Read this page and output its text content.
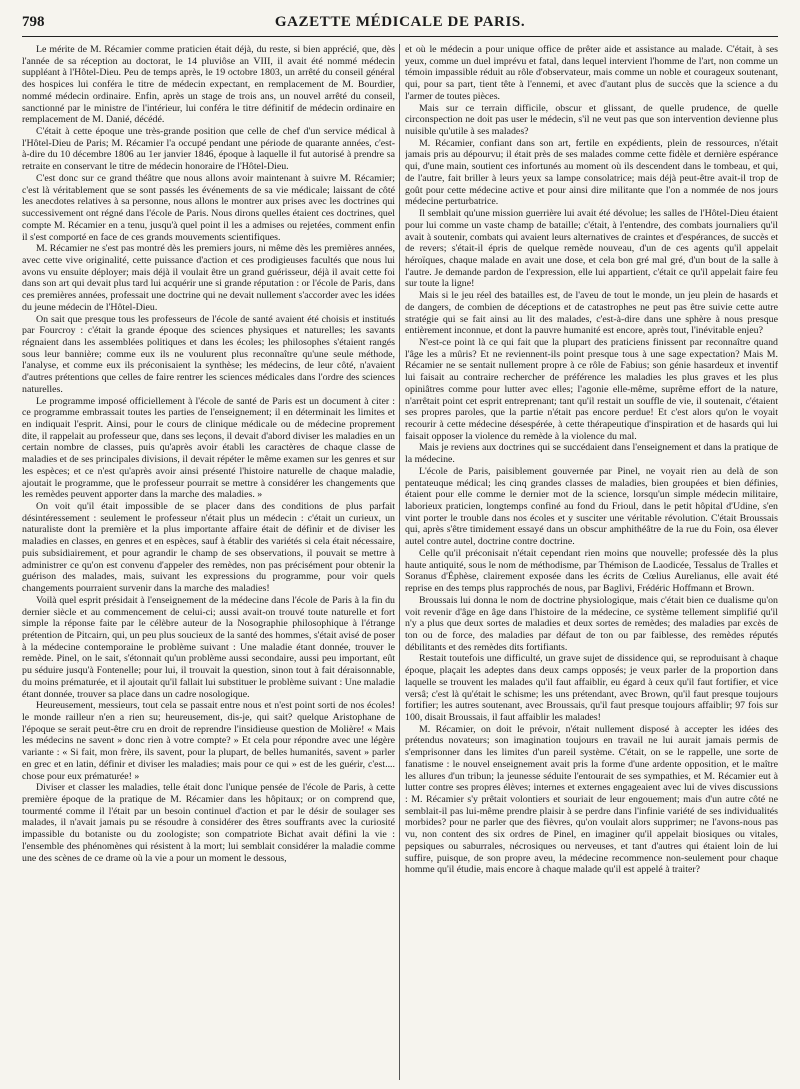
798	GAZETTE MÉDICALE DE PARIS.

Le mérite de M. Récamier comme praticien était déjà, du reste, si bien apprécié, que, dès l'année de sa réception au doctorat, le 14 pluviôse an VIII, il avait été nommé médecin suppléant à l'Hôtel-Dieu. Peu de temps après, le 19 octobre 1803, un arrêté du conseil général des hospices lui conféra le titre de médecin expectant, en remplacement de M. Bourdier, nommé médecin ordinaire. Enfin, après un stage de trois ans, un nouvel arrêté du conseil, sanctionné par le ministre de l'intérieur, lui conféra le titre définitif de médecin ordinaire en remplacement de M. Danié, décédé.

C'était à cette époque une très-grande position que celle de chef d'un service médical à l'Hôtel-Dieu de Paris; M. Récamier l'a occupé pendant une période de quarante années, c'est-à-dire du 10 décembre 1806 au 1er janvier 1846, époque à laquelle il fut autorisé à prendre sa retraite en conservant le titre de médecin honoraire de l'Hôtel-Dieu.

C'est donc sur ce grand théâtre que nous allons avoir maintenant à suivre M. Récamier; c'est là véritablement que se sont passés les événements de sa vie médicale; laissant de côté les anecdotes relatives à sa personne, nous allons le montrer aux prises avec les doctrines qui successivement ont régné dans l'école de Paris. Nous dirons quelles étaient ces doctrines, quel compte M. Récamier en a tenu, jusqu'à quel point il les a admises ou rejetées, comment enfin il s'est comporté en face de ces grands mouvements scientifiques.

M. Récamier ne s'est pas montré dès les premiers jours, ni même dès les premières années, avec cette vive originalité, cette puissance d'action et ces prodigieuses facultés que nous lui avons vu ensuite déployer; mais déjà il voulait être un grand guérisseur, déjà il avait cette foi dans son art qui devait plus tard lui acquérir une si grande réputation : or l'école de Paris, dans ces premières années, professait une doctrine qui ne devait nullement s'accorder avec les idées du jeune médecin de l'Hôtel-Dieu.

On sait que presque tous les professeurs de l'école de santé avaient été choisis et institués par Fourcroy : c'était la grande époque des sciences physiques et naturelles; les savants régnaient dans les assemblées politiques et dans les écoles; les philosophes s'étaient rangés sous leur bannière; comme eux ils ne voulurent plus reconnaître qu'une seule méthode, l'analyse, et comme eux ils préconisaient la synthèse; les médecins, de leur côté, n'avaient d'autres prétentions que celles de faire rentrer les sciences médicales dans l'ordre des sciences naturelles.

Le programme imposé officiellement à l'école de santé de Paris est un document à citer : ce programme embrassait toutes les parties de l'enseignement; il en déterminait les limites et en indiquait l'esprit. Ainsi, pour le cours de clinique médicale ou de médecine proprement dite, il rappelait au professeur que, dans ses leçons, il devait d'abord diviser les maladies en un certain nombre de classes, puis qu'après avoir établi les caractères de chaque classe de maladies et de ses principales divisions, il devait répéter le même examen sur les genres et sur les espèces; et ce n'est qu'après avoir ainsi présenté l'histoire naturelle de chaque maladie, ajoutait le programme, que le professeur pourrait se mettre à considérer les changements que les remèdes peuvent apporter dans la marche des maladies. »

On voit qu'il était impossible de se placer dans des conditions de plus parfait désintéressement : seulement le professeur n'était plus un médecin : c'était un curieux, un naturaliste dont la première et la plus importante affaire était de définir et de diviser les maladies en classes, en genres et en espèces, sauf à établir des variétés si cela était nécessaire, puis subsidiairement, et pour agrandir le champ de ses observations, il pouvait se mettre à administrer ce qu'on est convenu d'appeler des remèdes, non pas précisément pour obtenir la guérison des malades, mais, suivant les expressions du programme, pour voir quels changements pourraient survenir dans la marche des maladies!

Voilà quel esprit présidait à l'enseignement de la médecine dans l'école de Paris à la fin du dernier siècle et au commencement de celui-ci; aussi avait-on trouvé toute naturelle et fort simple la réponse faite par le célèbre auteur de la Nosographie philosophique à l'étrange prétention de Pitcairn, qui, un peu plus soucieux de la santé des hommes, s'était avisé de poser à la médecine contemporaine le problème suivant : Une maladie étant donnée, trouver le remède. Pinel, on le sait, s'étonnait qu'un problème aussi secondaire, aussi peu important, eût pu séduire jusqu'à Fontenelle; pour lui, il trouvait la question, sinon tout à fait déraisonnable, du moins prématurée, et il ajoutait qu'il fallait lui substituer le problème suivant : Une maladie étant donnée, trouver sa place dans un cadre nosologique.

Heureusement, messieurs, tout cela se passait entre nous et n'est point sorti de nos écoles! le monde railleur n'en a rien su; heureusement, dis-je, qui sait? quelque Aristophane de l'époque se serait peut-être cru en droit de reprendre l'insidieuse question de Molière! « Mais les médecins ne savent » donc rien à votre compte? » Et cela pour répondre avec une légère variante : « Si fait, mon frère, ils savent, pour la plupart, de belles humanités, savent » parler en grec et en latin, définir et diviser les maladies; mais pour ce qui » est de les guérir, c'est.... chose pour eux prématurée! »

Diviser et classer les maladies, telle était donc l'unique pensée de l'école de Paris, à cette première époque de la pratique de M. Récamier dans les hôpitaux; or on comprend que, tourmenté comme il l'était par un besoin continuel d'action et par le désir de soulager ses malades, il n'avait jamais pu se résoudre à considérer des êtres souffrants avec la curiosité impassible du botaniste ou du zoologiste; son compatriote Bichat avait défini la vie : l'ensemble des phénomènes qui résistent à la mort; lui semblait considérer la maladie comme une des scènes de ce drame où la vie a pour un moment le dessous,

et où le médecin a pour unique office de prêter aide et assistance au malade. C'était, à ses yeux, comme un duel imprévu et fatal, dans lequel intervient l'homme de l'art, non comme un témoin impassible réduit au rôle d'observateur, mais comme un noble et courageux soutenant, qui, pour sa part, tient tête à l'ennemi, et avec d'autant plus de succès que la science a du l'armer de toutes pièces.

Mais sur ce terrain difficile, obscur et glissant, de quelle prudence, de quelle circonspection ne doit pas user le médecin, s'il ne veut pas que son intervention devienne plus nuisible qu'utile à ses malades?

M. Récamier, confiant dans son art, fertile en expédients, plein de ressources, n'était jamais pris au dépourvu; il était près de ses malades comme cette fidèle et dernière espérance qui, d'une main, soutient ces infortunés au moment où ils descendent dans le tombeau, et qui, de l'autre, fait briller à leurs yeux sa lampe consolatrice; mais déjà peut-être avait-il trop de goût pour cette médecine active et pour ainsi dire militante que l'on a nommée de nos jours médecine perturbatrice.

Il semblait qu'une mission guerrière lui avait été dévolue; les salles de l'Hôtel-Dieu étaient pour lui comme un vaste champ de bataille; c'était, à l'entendre, des combats journaliers qu'il avait à soutenir, combats qui avaient leurs alternatives de craintes et d'espérances, de succès et de revers; s'était-il épris de quelque remède nouveau, d'un de ces agents qu'il appelait héroïques, chaque malade en avait une dose, et cela bon gré mal gré, d'un bout de la salle à l'autre. Je demande pardon de l'expression, elle lui appartient, c'était ce qu'il appelait faire feu sur toute la ligne!

Mais si le jeu réel des batailles est, de l'aveu de tout le monde, un jeu plein de hasards et de dangers, de combien de déceptions et de catastrophes ne peut pas être suivie cette autre stratégie qui se fait ainsi au lit des malades, c'est-à-dire dans une sphère à nous presque entièrement inconnue, et dont la pauvre humanité est encore, après tout, l'inévitable enjeu?

N'est-ce point là ce qui fait que la plupart des praticiens finissent par reconnaître quand l'âge les a mûris? Et ne reviennent-ils point presque tous à une sage expectation? Mais M. Récamier ne se sentait nullement propre à ce rôle de Fabius; son génie hasardeux et inventif lui faisait au contraire rechercher de préférence les maladies les plus graves et les plus opiniâtres comme pour lutter avec elles; l'agonie elle-même, suprême effort de la nature, n'arrêtait point cet esprit entreprenant; tant qu'il restait un souffle de vie, il soutenait, c'étaient ses propres paroles, que la partie n'était pas encore perdue! Et c'est alors qu'on le voyait recourir à cette médecine désespérée, à cette thérapeutique d'inspiration et de hasards qui lui faisait opposer la violence du remède à la violence du mal.

Mais je reviens aux doctrines qui se succédaient dans l'enseignement et dans la pratique de la médecine.

L'école de Paris, paisiblement gouvernée par Pinel, ne voyait rien au delà de son pentateuque médical; les cinq grandes classes de maladies, bien groupées et bien définies, étaient pour elle comme le dernier mot de la science, lorsqu'un simple médecin militaire, laborieux praticien, longtemps confiné au fond du Frioul, dans le petit hôpital d'Udine, s'en vint porter le trouble dans nos écoles et y susciter une véritable révolution. C'était Broussais qui, après s'être timidement essayé dans un obscur amphithéâtre de la rue du Foin, osa élever autel contre autel, doctrine contre doctrine.

Celle qu'il préconisait n'était cependant rien moins que nouvelle; professée dès la plus haute antiquité, sous le nom de méthodisme, par Thémison de Laodicée, Tessalus de Tralles et Soranus d'Éphèse, clairement exposée dans les écrits de Cœlius Aurelianus, elle avait été reprise en des temps plus rapprochés de nous, par Baglivi, Frédéric Hoffmann et Brown.

Broussais lui donna le nom de doctrine physiologique, mais c'était bien ce dualisme qu'on voit revenir d'âge en âge dans l'histoire de la médecine, ce système tellement simplifié qu'il n'y a plus que deux sortes de maladies et deux sortes de remèdes; des maladies par excès de ton ou de force, des maladies par défaut de ton ou par faiblesse, des remèdes réputés débilitants et des remèdes dits fortifiants.

Restait toutefois une difficulté, un grave sujet de dissidence qui, se reproduisant à chaque époque, plaçait les adeptes dans deux camps opposés; je veux parler de la proportion dans laquelle se trouvent les malades qu'il faut affaiblir, eu égard à ceux qu'il faut fortifier, et vice versâ; c'est là qu'était le schisme; les uns prétendant, avec Brown, qu'il faut presque toujours fortifier; les autres soutenant, avec Broussais, qu'il faut presque toujours affaiblir; 97 fois sur 100, disait Broussais, il faut affaiblir les malades!

M. Récamier, on doit le prévoir, n'était nullement disposé à accepter les idées des prétendus novateurs; son imagination toujours en travail ne lui aurait jamais permis de s'emprisonner dans les limites d'un pareil système. C'était, on se le rappelle, une sorte de fanatisme : le nouvel enseignement avait pris la forme d'une ardente opposition, et le maître les allures d'un tribun; la jeunesse séduite l'entourait de ses sympathies, et M. Récamier eut à lutter contre ses propres élèves; internes et externes engageaient avec lui de vives discussions : M. Récamier s'y prêtait volontiers et souriait de leur engouement; mais d'un autre côté ne semblait-il pas lui-même prendre plaisir à se perdre dans l'infinie variété de ses individualités morbides? pour ne parler que des fièvres, qu'on voulait alors supprimer; ne l'avons-nous pas vu, non content des six ordres de Pinel, en imaginer qu'il appelait biosiques ou vitales, pepsiques ou saburrales, nécrosiques ou nerveuses, et tant d'autres qui étaient loin de lui suffire, puisque, de son propre aveu, la médecine recommence non-seulement pour chaque homme qu'il étudie, mais encore à chaque malade qu'il est appelé à traiter?
